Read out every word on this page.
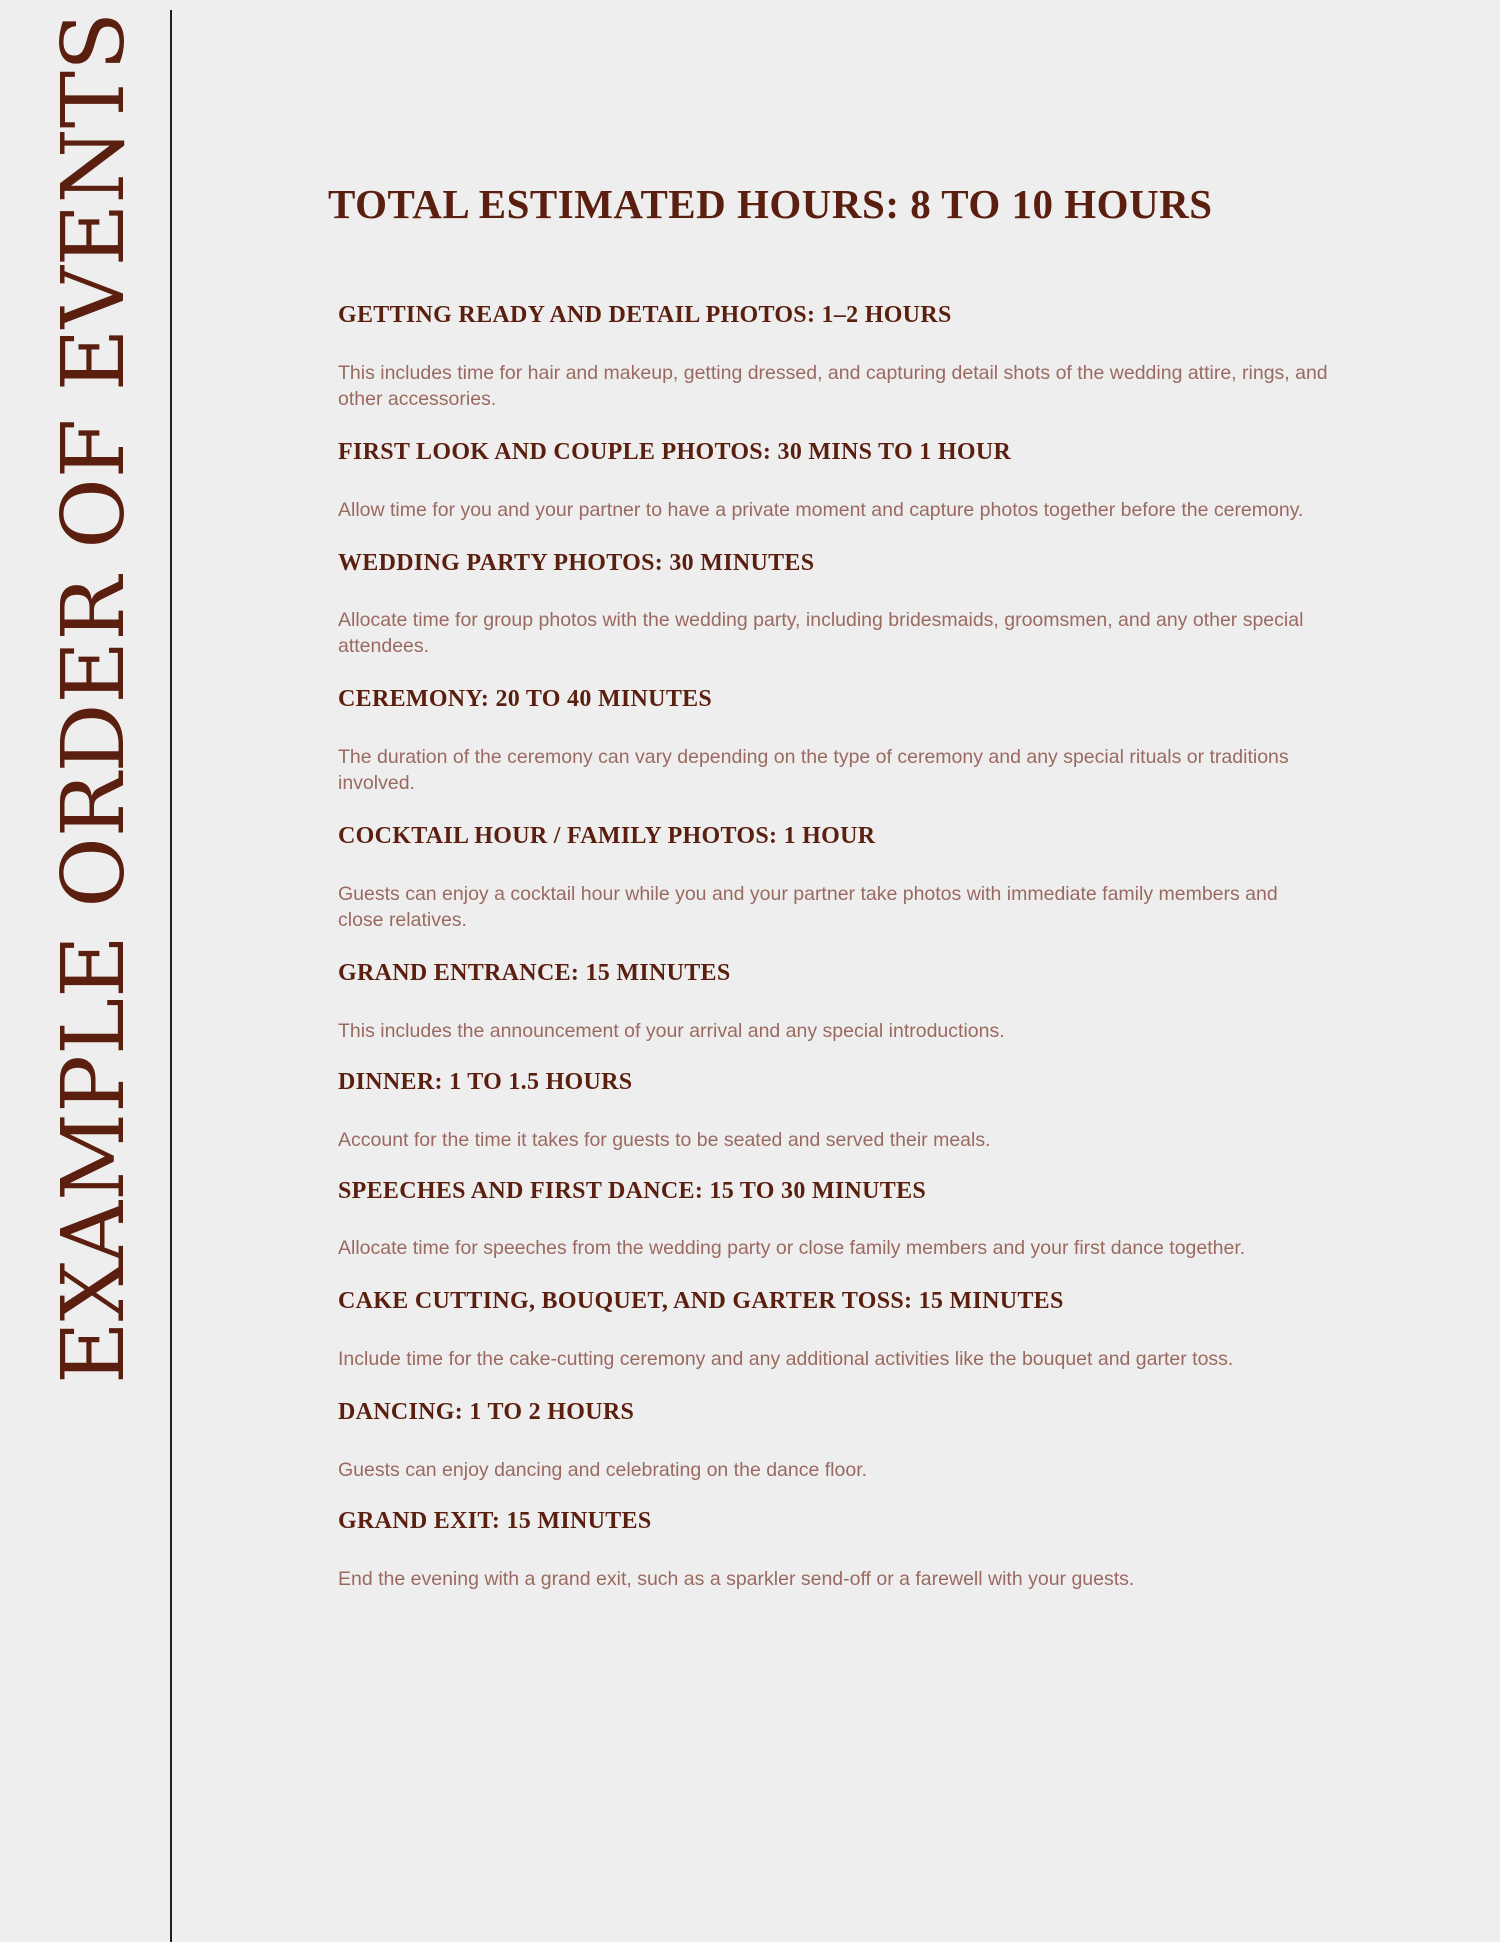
EXAMPLE ORDER OF EVENTS	TOTAL ESTIMATED HOURS: 8 TO 10 HOURS
GETTING READY AND DETAIL PHOTOS: 1–2 HOURS

This includes time for hair and makeup, getting dressed, and capturing detail shots of the wedding attire, rings, and other accessories.

FIRST LOOK AND COUPLE PHOTOS: 30 MINS TO 1 HOUR

Allow time for you and your partner to have a private moment and capture photos together before the ceremony.

WEDDING PARTY PHOTOS: 30 MINUTES

Allocate time for group photos with the wedding party, including bridesmaids, groomsmen, and any other special attendees.

CEREMONY: 20 TO 40 MINUTES

The duration of the ceremony can vary depending on the type of ceremony and any special rituals or traditions involved.

COCKTAIL HOUR / FAMILY PHOTOS: 1 HOUR

Guests can enjoy a cocktail hour while you and your partner take photos with immediate family members and close relatives.

GRAND ENTRANCE: 15 MINUTES

This includes the announcement of your arrival and any special introductions.

DINNER: 1 TO 1.5 HOURS

Account for the time it takes for guests to be seated and served their meals.

SPEECHES AND FIRST DANCE: 15 TO 30 MINUTES

Allocate time for speeches from the wedding party or close family members and your first dance together.

CAKE CUTTING, BOUQUET, AND GARTER TOSS: 15 MINUTES

Include time for the cake-cutting ceremony and any additional activities like the bouquet and garter toss.

DANCING: 1 TO 2 HOURS

Guests can enjoy dancing and celebrating on the dance floor.

GRAND EXIT: 15 MINUTES

End the evening with a grand exit, such as a sparkler send-off or a farewell with your guests.
